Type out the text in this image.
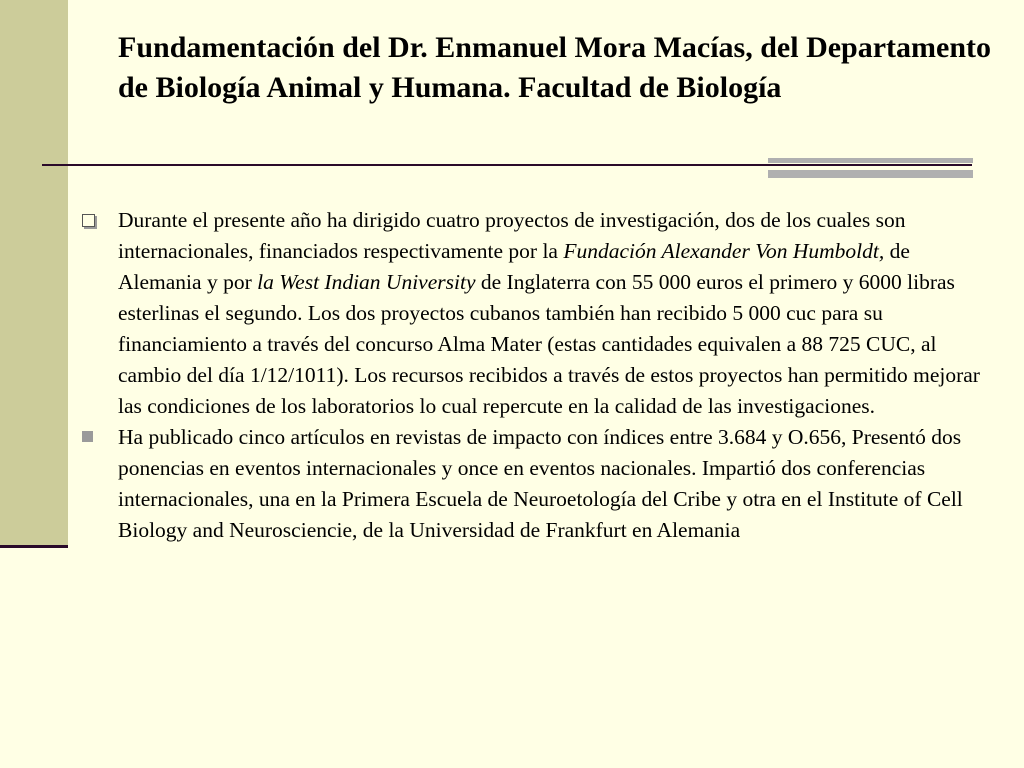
Fundamentación del Dr. Enmanuel Mora Macías, del Departamento de Biología Animal y Humana. Facultad de Biología
Durante el presente año ha dirigido cuatro proyectos de investigación, dos de los cuales son internacionales, financiados respectivamente por la Fundación Alexander Von Humboldt, de Alemania y por la West Indian University de Inglaterra con 55 000 euros el primero y 6000 libras esterlinas el segundo. Los dos proyectos cubanos también han recibido 5 000 cuc para su financiamiento a través del concurso Alma Mater (estas cantidades equivalen a 88 725 CUC, al cambio del día 1/12/1011). Los recursos recibidos a través de estos proyectos han permitido mejorar las condiciones de los laboratorios lo cual repercute en la calidad de las investigaciones.
Ha publicado cinco artículos en revistas de impacto con índices entre 3.684 y O.656, Presentó dos ponencias en eventos internacionales y once en eventos nacionales. Impartió dos conferencias internacionales, una en la Primera Escuela de Neuroetología del Cribe y otra en el Institute of Cell Biology and Neurosciencie, de la Universidad de Frankfurt en Alemania
